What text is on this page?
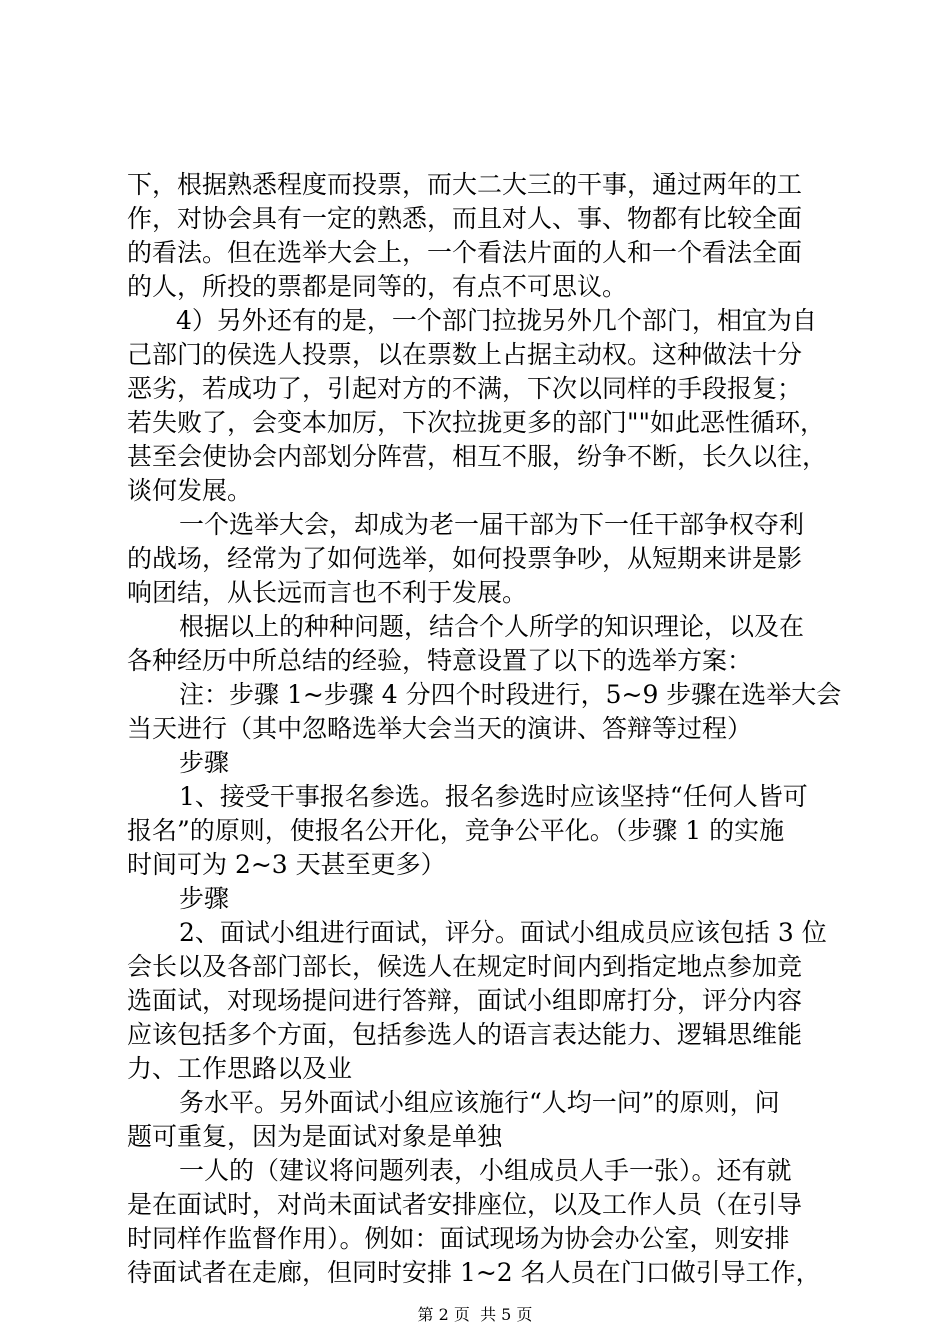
下，根据熟悉程度而投票，而大二大三的干事，通过两年的工
作，对协会具有一定的熟悉，而且对人、事、物都有比较全面
的看法。但在选举大会上，一个看法片面的人和一个看法全面
的人，所投的票都是同等的，有点不可思议。
4）另外还有的是，一个部门拉拢另外几个部门，相宜为自
己部门的侯选人投票，以在票数上占据主动权。这种做法十分
恶劣，若成功了，引起对方的不满，下次以同样的手段报复；
若失败了，会变本加厉，下次拉拢更多的部门""如此恶性循环，
甚至会使协会内部划分阵营，相互不服，纷争不断，长久以往，
谈何发展。
一个选举大会，却成为老一届干部为下一任干部争权夺利
的战场，经常为了如何选举，如何投票争吵，从短期来讲是影
响团结，从长远而言也不利于发展。
根据以上的种种问题，结合个人所学的知识理论，以及在
各种经历中所总结的经验，特意设置了以下的选举方案：
注：步骤 1~步骤 4 分四个时段进行，5~9 步骤在选举大会
当天进行（其中忽略选举大会当天的演讲、答辩等过程）
步骤
1、接受干事报名参选。报名参选时应该坚持“任何人皆可
报名”的原则，使报名公开化，竞争公平化。（步骤 1 的实施
时间可为 2~3 天甚至更多）
步骤
2、面试小组进行面试，评分。面试小组成员应该包括 3 位
会长以及各部门部长，候选人在规定时间内到指定地点参加竞
选面试，对现场提问进行答辩，面试小组即席打分，评分内容
应该包括多个方面，包括参选人的语言表达能力、逻辑思维能
力、工作思路以及业
务水平。另外面试小组应该施行“人均一问”的原则，问
题可重复，因为是面试对象是单独
一人的（建议将问题列表，小组成员人手一张）。还有就
是在面试时，对尚未面试者安排座位，以及工作人员（在引导
时同样作监督作用）。例如：面试现场为协会办公室，则安排
待面试者在走廊，但同时安排 1~2 名人员在门口做引导工作，
第 2 页  共 5 页
